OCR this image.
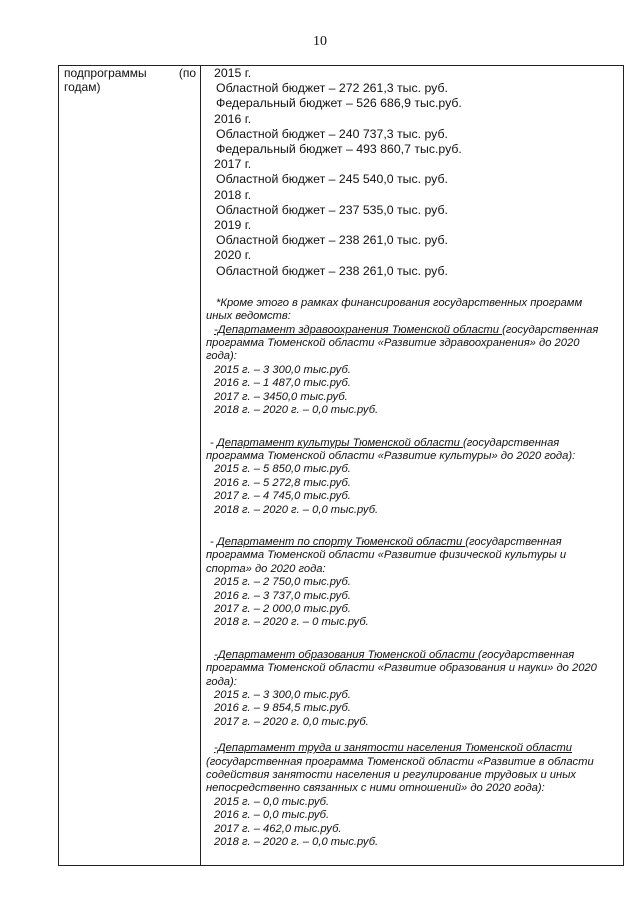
10
подпрограммы	(по
годам)
2015 г.
Областной бюджет – 272 261,3 тыс. руб.
Федеральный бюджет – 526 686,9 тыс.руб.
2016 г.
Областной бюджет – 240 737,3 тыс. руб.
Федеральный бюджет – 493 860,7 тыс.руб.
2017 г.
Областной бюджет – 245 540,0 тыс. руб.
2018 г.
Областной бюджет – 237 535,0 тыс. руб.
2019 г.
Областной бюджет – 238 261,0 тыс. руб.
2020 г.
Областной бюджет – 238 261,0 тыс. руб.
*Кроме этого в рамках финансирования государственных программ
иных ведомств:
-Департамент здравоохранения Тюменской области (государственная
программа Тюменской области «Развитие здравоохранения» до 2020
года):
2015 г. – 3 300,0 тыс.руб.
2016 г. – 1 487,0 тыс.руб.
2017 г. – 3450,0 тыс.руб.
2018 г. – 2020 г. – 0,0 тыс.руб.
- Департамент культуры Тюменской области (государственная
программа Тюменской области «Развитие культуры» до 2020 года):
2015 г. – 5 850,0 тыс.руб.
2016 г. – 5 272,8 тыс.руб.
2017 г. – 4 745,0 тыс.руб.
2018 г. – 2020 г. – 0,0 тыс.руб.
- Департамент по спорту Тюменской области (государственная
программа Тюменской области «Развитие физической культуры и
спорта» до 2020 года:
2015 г. – 2 750,0 тыс.руб.
2016 г. – 3 737,0 тыс.руб.
2017 г. – 2 000,0 тыс.руб.
2018 г. – 2020 г. – 0 тыс.руб.
-Департамент образования Тюменской области (государственная
программа Тюменской области «Развитие образования и науки» до 2020
года):
2015 г. – 3 300,0 тыс.руб.
2016 г. – 9 854,5 тыс.руб.
2017 г. – 2020 г. 0,0 тыс.руб.
-Департамент труда и занятости населения Тюменской области
(государственная программа Тюменской области «Развитие в области
содействия занятости населения и регулирование трудовых и иных
непосредственно связанных с ними отношений» до 2020 года):
2015 г. – 0,0 тыс.руб.
2016 г. – 0,0 тыс.руб.
2017 г. – 462,0 тыс.руб.
2018 г. – 2020 г. – 0,0 тыс.руб.
